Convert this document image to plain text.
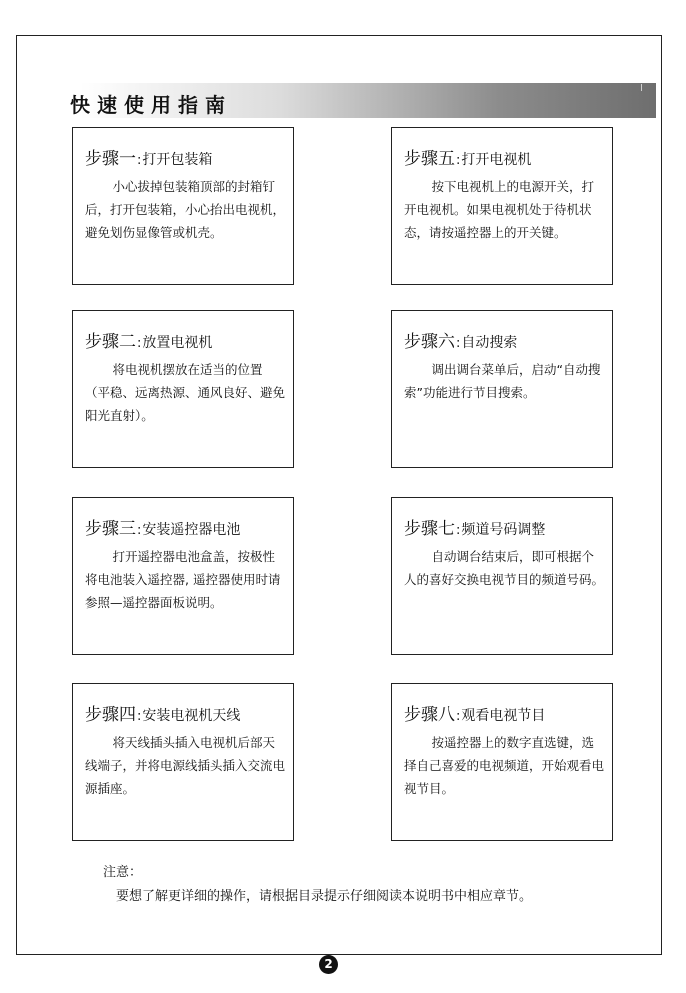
快速使用指南
步骤一:打开包装箱

小心拔掉包装箱顶部的封箱钉后，打开包装箱，小心抬出电视机，避免划伤显像管或机壳。

步骤二:放置电视机

将电视机摆放在适当的位置（平稳、远离热源、通风良好、避免阳光直射）。

步骤三:安装遥控器电池

打开遥控器电池盒盖，按极性将电池装入遥控器, 遥控器使用时请参照—遥控器面板说明。

步骤四:安装电视机天线

将天线插头插入电视机后部天线端子，并将电源线插头插入交流电源插座。

步骤五:打开电视机

按下电视机上的电源开关，打开电视机。如果电视机处于待机状态，请按遥控器上的开关键。

步骤六:自动搜索

调出调台菜单后，启动“自动搜索”功能进行节目搜索。

步骤七:频道号码调整

自动调台结束后，即可根据个人的喜好交换电视节目的频道号码。

步骤八:观看电视节目

按遥控器上的数字直选键，选择自己喜爱的电视频道，开始观看电视节目。

注意：
要想了解更详细的操作，请根据目录提示仔细阅读本说明书中相应章节。
2
